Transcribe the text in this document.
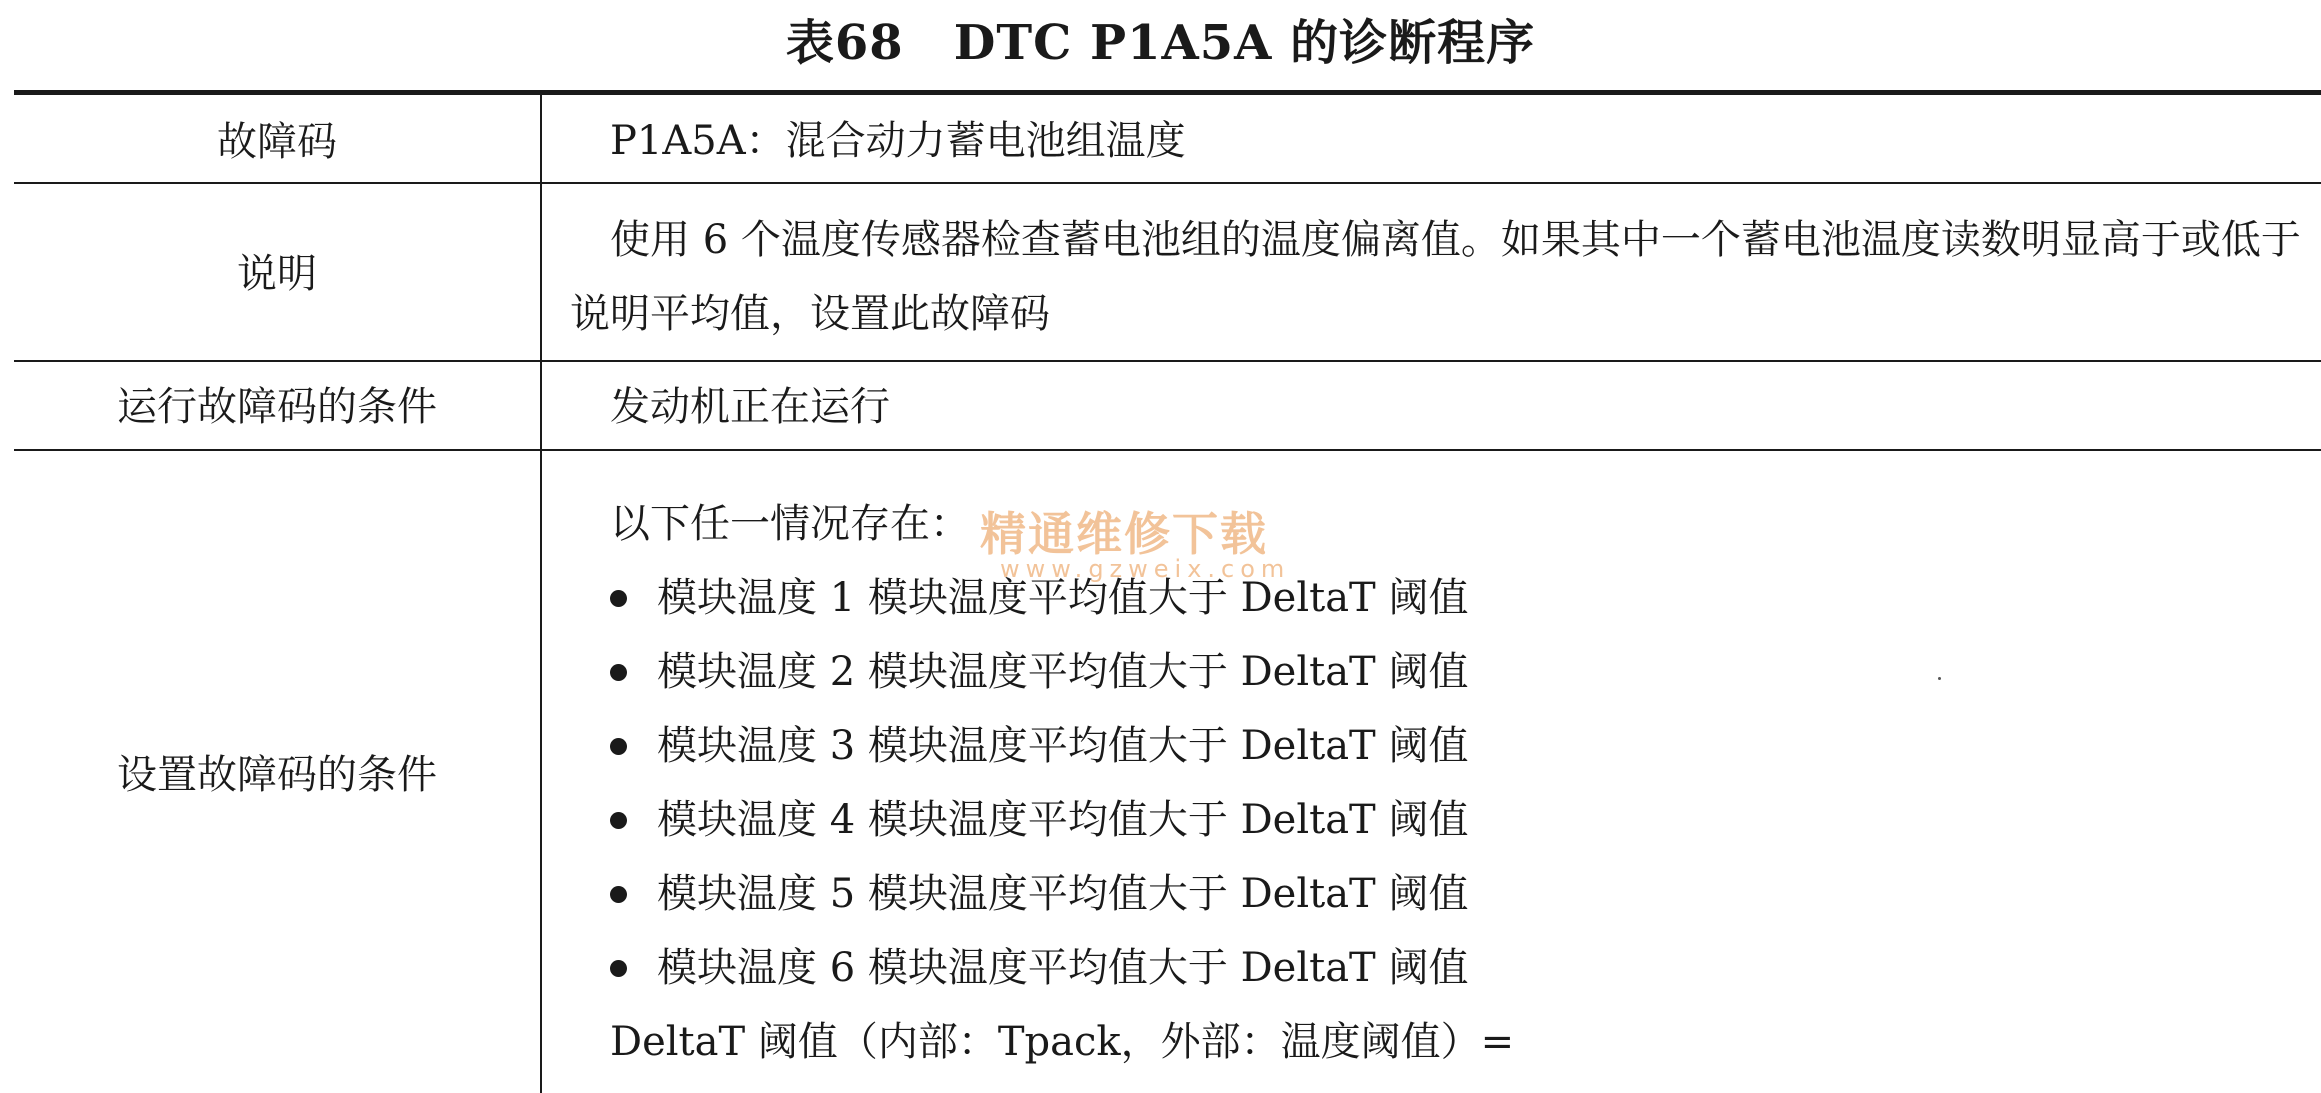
表68 DTC P1A5A 的诊断程序
故障码	P1A5A：混合动力蓄电池组温度
说明
使用 6 个温度传感器检查蓄电池组的温度偏离值。如果其中一个蓄电池温度读数明显高于或低于说明平均值，设置此故障码
运行故障码的条件	发动机正在运行
设置故障码的条件

以下任一情况存在：

模块温度 1 模块温度平均值大于 DeltaT 阈值

模块温度 2 模块温度平均值大于 DeltaT 阈值

模块温度 3 模块温度平均值大于 DeltaT 阈值

模块温度 4 模块温度平均值大于 DeltaT 阈值

模块温度 5 模块温度平均值大于 DeltaT 阈值

模块温度 6 模块温度平均值大于 DeltaT 阈值

DeltaT 阈值（内部：Tpack，外部：温度阈值）=

精通维修下载
www.gzweix.com
